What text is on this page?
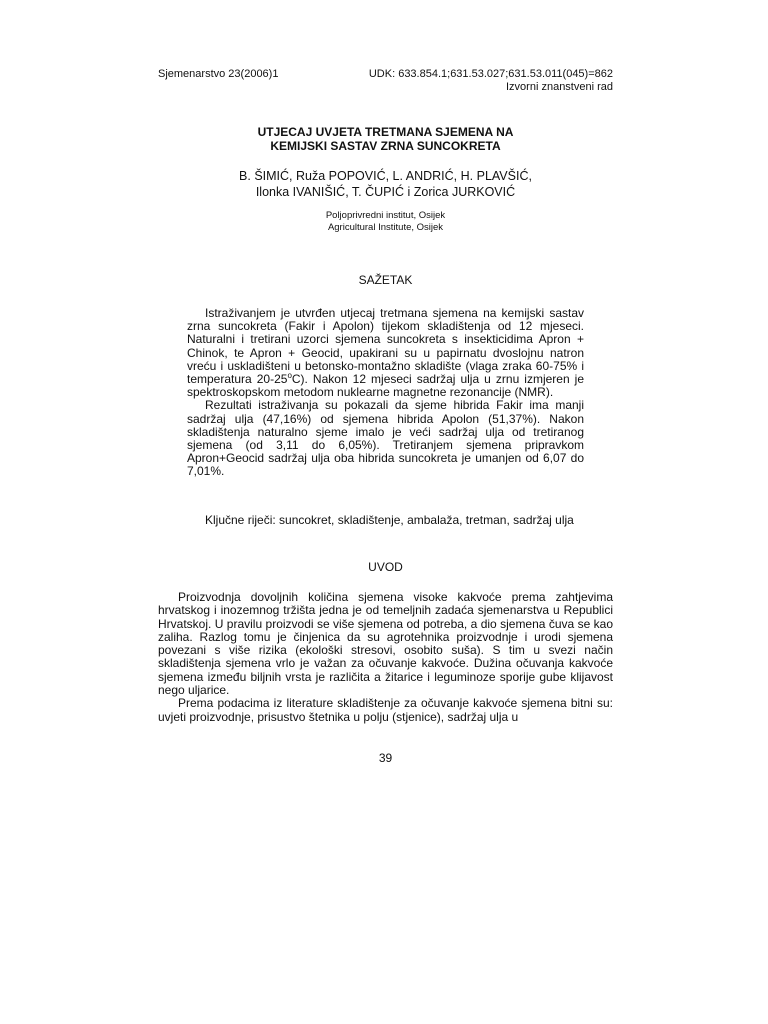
Sjemenarstvo 23(2006)1	UDK: 633.854.1;631.53.027;631.53.011(045)=862
Izvorni znanstveni rad
UTJECAJ UVJETA TRETMANA SJEMENA NA
KEMIJSKI SASTAV ZRNA SUNCOKRETA
B. ŠIMIĆ, Ruža POPOVIĆ, L. ANDRIĆ, H. PLAVŠIĆ,
Ilonka IVANIŠIĆ, T. ČUPIĆ i Zorica JURKOVIĆ
Poljoprivredni institut, Osijek
Agricultural Institute, Osijek
SAŽETAK

Istraživanjem je utvrđen utjecaj tretmana sjemena na kemijski sastav zrna suncokreta (Fakir i Apolon) tijekom skladištenja od 12 mjeseci. Naturalni i tretirani uzorci sjemena suncokreta s insekticidima Apron + Chinok, te Apron + Geocid, upakirani su u papirnatu dvoslojnu natron vreću i uskladišteni u betonsko-montažno skladište (vlaga zraka 60-75% i temperatura 20-25$^o$C). Nakon 12 mjeseci sadržaj ulja u zrnu izmjeren je spektroskopskom metodom nuklearne magnetne rezonancije (NMR).

Rezultati istraživanja su pokazali da sjeme hibrida Fakir ima manji sadržaj ulja (47,16%) od sjemena hibrida Apolon (51,37%). Nakon skladištenja naturalno sjeme imalo je veći sadržaj ulja od tretiranog sjemena (od 3,11 do 6,05%). Tretiranjem sjemena pripravkom Apron+Geocid sadržaj ulja oba hibrida suncokreta je umanjen od 6,07 do 7,01%.

Ključne riječi: suncokret, skladištenje, ambalaža, tretman, sadržaj ulja

UVOD

Proizvodnja dovoljnih količina sjemena visoke kakvoće prema zahtjevima hrvatskog i inozemnog tržišta jedna je od temeljnih zadaća sjemenarstva u Republici Hrvatskoj. U pravilu proizvodi se više sjemena od potreba, a dio sjemena čuva se kao zaliha. Razlog tomu je činjenica da su agrotehnika proizvodnje i urodi sjemena povezani s više rizika (ekološki stresovi, osobito suša). S tim u svezi način skladištenja sjemena vrlo je važan za očuvanje kakvoće. Dužina očuvanja kakvoće sjemena između biljnih vrsta je različita a žitarice i leguminoze sporije gube klijavost nego uljarice.

Prema podacima iz literature skladištenje za očuvanje kakvoće sjemena bitni su: uvjeti proizvodnje, prisustvo štetnika u polju (stjenice), sadržaj ulja u

39
